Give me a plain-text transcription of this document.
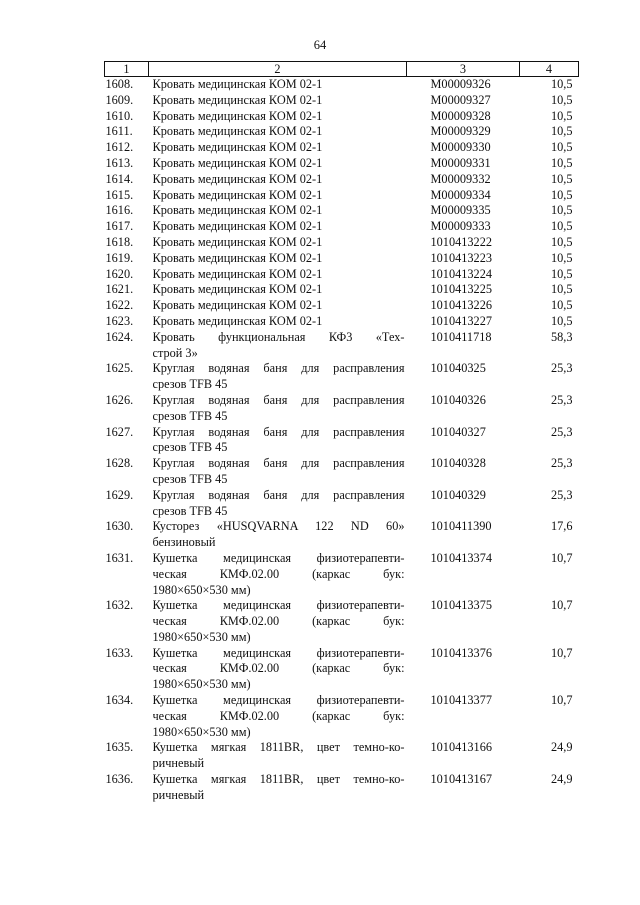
64
1	2	3	4
1608.	Кровать медицинская КОМ 02-1	M00009326	10,5
1609.	Кровать медицинская КОМ 02-1	M00009327	10,5
1610.	Кровать медицинская КОМ 02-1	M00009328	10,5
1611.	Кровать медицинская КОМ 02-1	M00009329	10,5
1612.	Кровать медицинская КОМ 02-1	M00009330	10,5
1613.	Кровать медицинская КОМ 02-1	M00009331	10,5
1614.	Кровать медицинская КОМ 02-1	M00009332	10,5
1615.	Кровать медицинская КОМ 02-1	M00009334	10,5
1616.	Кровать медицинская КОМ 02-1	M00009335	10,5
1617.	Кровать медицинская КОМ 02-1	M00009333	10,5
1618.	Кровать медицинская КОМ 02-1	1010413222	10,5
1619.	Кровать медицинская КОМ 02-1	1010413223	10,5
1620.	Кровать медицинская КОМ 02-1	1010413224	10,5
1621.	Кровать медицинская КОМ 02-1	1010413225	10,5
1622.	Кровать медицинская КОМ 02-1	1010413226	10,5
1623.	Кровать медицинская КОМ 02-1	1010413227	10,5
1624.	Кровать функциональная КФ3 «Тех-
строй 3»	1010411718	58,3
1625.	Круглая водяная баня для расправления
срезов TFB 45	101040325	25,3
1626.	Круглая водяная баня для расправления
срезов TFB 45	101040326	25,3
1627.	Круглая водяная баня для расправления
срезов TFB 45	101040327	25,3
1628.	Круглая водяная баня для расправления
срезов TFB 45	101040328	25,3
1629.	Круглая водяная баня для расправления
срезов TFB 45	101040329	25,3
1630.	Кусторез «HUSQVARNA 122 ND 60»
бензиновый	1010411390	17,6
1631.	Кушетка медицинская физиотерапевти-
ческая КМФ.02.00 (каркас бук:
1980×650×530 мм)	1010413374	10,7
1632.	Кушетка медицинская физиотерапевти-
ческая КМФ.02.00 (каркас бук:
1980×650×530 мм)	1010413375	10,7
1633.	Кушетка медицинская физиотерапевти-
ческая КМФ.02.00 (каркас бук:
1980×650×530 мм)	1010413376	10,7
1634.	Кушетка медицинская физиотерапевти-
ческая КМФ.02.00 (каркас бук:
1980×650×530 мм)	1010413377	10,7
1635.	Кушетка мягкая 1811BR, цвет темно-ко-
ричневый	1010413166	24,9
1636.	Кушетка мягкая 1811BR, цвет темно-ко-
ричневый	1010413167	24,9
